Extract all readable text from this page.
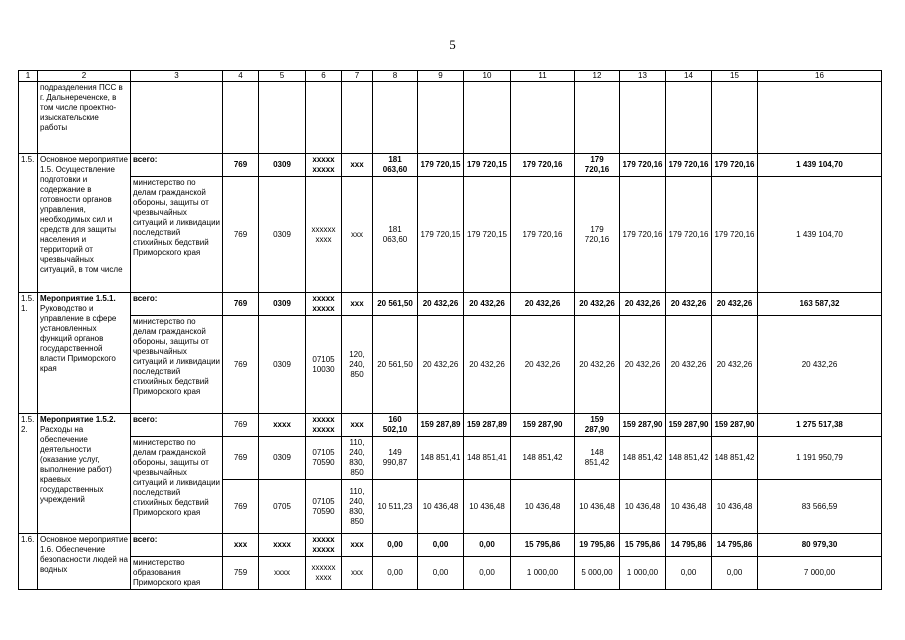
5
1	2	3	4	5	6	7	8	9	10	11	12	13	14	15	16
	подразделения ПСС в г. Дальнереченске, в том числе проектно-изыскательские работы														
1.5.	Основное мероприятие 1.5. Осуществление подготовки и содержание в готовности органов управления, необходимых сил и средств для защиты населения и территорий от чрезвычайных ситуаций, в том числе	всего:	769	0309	ххххх ххххх	ххх	181 063,60	179 720,15	179 720,15	179 720,16	179 720,16	179 720,16	179 720,16	179 720,16	1 439 104,70
		министерство по делам гражданской обороны, защиты от чрезвычайных ситуаций и ликвидации последствий стихийных бедствий Приморского края	769	0309	хххххх хххх	ххх	181 063,60	179 720,15	179 720,15	179 720,16	179 720,16	179 720,16	179 720,16	179 720,16	1 439 104,70
1.5. 1.	Мероприятие 1.5.1. Руководство и управление в сфере установленных функций органов государственной власти Приморского края	всего:	769	0309	ххххх ххххх	ххх	20 561,50	20 432,26	20 432,26	20 432,26	20 432,26	20 432,26	20 432,26	20 432,26	163 587,32
		министерство по делам гражданской обороны, защиты от чрезвычайных ситуаций и ликвидации последствий стихийных бедствий Приморского края	769	0309	07105 10030	120, 240, 850	20 561,50	20 432,26	20 432,26	20 432,26	20 432,26	20 432,26	20 432,26	20 432,26	20 432,26
1.5. 2.	Мероприятие 1.5.2. Расходы на обеспечение деятельности (оказание услуг, выполнение работ) краевых государственных учреждений	всего:	769	хххх	ххххх ххххх	ххх	160 502,10	159 287,89	159 287,89	159 287,90	159 287,90	159 287,90	159 287,90	159 287,90	1 275 517,38
		министерство по делам гражданской обороны, защиты от чрезвычайных ситуаций и ликвидации последствий стихийных бедствий Приморского края	769	0309	07105 70590	110, 240, 830, 850	149 990,87	148 851,41	148 851,41	148 851,42	148 851,42	148 851,42	148 851,42	148 851,42	1 191 950,79
			769	0705	07105 70590	110, 240, 830, 850	10 511,23	10 436,48	10 436,48	10 436,48	10 436,48	10 436,48	10 436,48	10 436,48	83 566,59
1.6.	Основное мероприятие 1.6. Обеспечение безопасности людей на водных	всего:	ххх	хххх	ххххх ххххх	ххх	0,00	0,00	0,00	15 795,86	19 795,86	15 795,86	14 795,86	14 795,86	80 979,30
		министерство образования Приморского края	759	хххх	хххххх хххх	ххх	0,00	0,00	0,00	1 000,00	5 000,00	1 000,00	0,00	0,00	7 000,00
